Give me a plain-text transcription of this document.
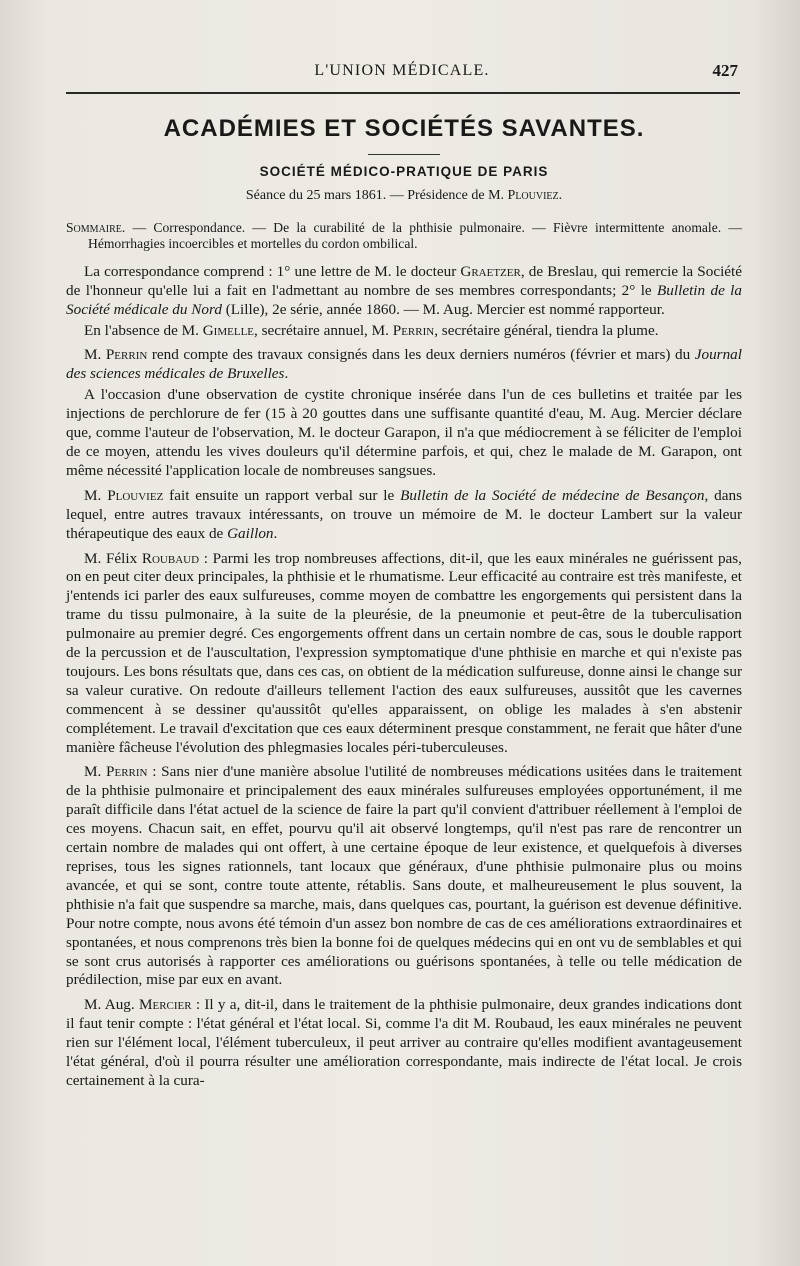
L'UNION MÉDICALE.	427
ACADÉMIES ET SOCIÉTÉS SAVANTES.
SOCIÉTÉ MÉDICO-PRATIQUE DE PARIS
Séance du 25 mars 1861. — Présidence de M. Plouviez.
Sommaire. — Correspondance. — De la curabilité de la phthisie pulmonaire. — Fièvre intermittente anomale. — Hémorrhagies incoercibles et mortelles du cordon ombilical.

La correspondance comprend : 1° une lettre de M. le docteur Graetzer, de Breslau, qui remercie la Société de l'honneur qu'elle lui a fait en l'admettant au nombre de ses membres correspondants; 2° le Bulletin de la Société médicale du Nord (Lille), 2e série, année 1860. — M. Aug. Mercier est nommé rapporteur.

En l'absence de M. Gimelle, secrétaire annuel, M. Perrin, secrétaire général, tiendra la plume.

M. Perrin rend compte des travaux consignés dans les deux derniers numéros (février et mars) du Journal des sciences médicales de Bruxelles.

A l'occasion d'une observation de cystite chronique insérée dans l'un de ces bulletins et traitée par les injections de perchlorure de fer (15 à 20 gouttes dans une suffisante quantité d'eau, M. Aug. Mercier déclare que, comme l'auteur de l'observation, M. le docteur Garapon, il n'a que médiocrement à se féliciter de l'emploi de ce moyen, attendu les vives douleurs qu'il détermine parfois, et qui, chez le malade de M. Garapon, ont même nécessité l'application locale de nombreuses sangsues.

M. Plouviez fait ensuite un rapport verbal sur le Bulletin de la Société de médecine de Besançon, dans lequel, entre autres travaux intéressants, on trouve un mémoire de M. le docteur Lambert sur la valeur thérapeutique des eaux de Gaillon.

M. Félix Roubaud : Parmi les trop nombreuses affections, dit-il, que les eaux minérales ne guérissent pas, on en peut citer deux principales, la phthisie et le rhumatisme. Leur efficacité au contraire est très manifeste, et j'entends ici parler des eaux sulfureuses, comme moyen de combattre les engorgements qui persistent dans la trame du tissu pulmonaire, à la suite de la pleurésie, de la pneumonie et peut-être de la tuberculisation pulmonaire au premier degré. Ces engorgements offrent dans un certain nombre de cas, sous le double rapport de la percussion et de l'auscultation, l'expression symptomatique d'une phthisie en marche et qui n'existe pas toujours. Les bons résultats que, dans ces cas, on obtient de la médication sulfureuse, donne ainsi le change sur sa valeur curative. On redoute d'ailleurs tellement l'action des eaux sulfureuses, aussitôt que les cavernes commencent à se dessiner qu'aussitôt qu'elles apparaissent, on oblige les malades à s'en abstenir complétement. Le travail d'excitation que ces eaux déterminent presque constamment, ne ferait que hâter d'une manière fâcheuse l'évolution des phlegmasies locales péri-tuberculeuses.

M. Perrin : Sans nier d'une manière absolue l'utilité de nombreuses médications usitées dans le traitement de la phthisie pulmonaire et principalement des eaux minérales sulfureuses employées opportunément, il me paraît difficile dans l'état actuel de la science de faire la part qu'il convient d'attribuer réellement à l'emploi de ces moyens. Chacun sait, en effet, pourvu qu'il ait observé longtemps, qu'il n'est pas rare de rencontrer un certain nombre de malades qui ont offert, à une certaine époque de leur existence, et quelquefois à diverses reprises, tous les signes rationnels, tant locaux que généraux, d'une phthisie pulmonaire plus ou moins avancée, et qui se sont, contre toute attente, rétablis. Sans doute, et malheureusement le plus souvent, la phthisie n'a fait que suspendre sa marche, mais, dans quelques cas, pourtant, la guérison est devenue définitive. Pour notre compte, nous avons été témoin d'un assez bon nombre de cas de ces améliorations extraordinaires et spontanées, et nous comprenons très bien la bonne foi de quelques médecins qui en ont vu de semblables et qui se sont crus autorisés à rapporter ces améliorations ou guérisons spontanées, à telle ou telle médication de prédilection, mise par eux en avant.

M. Aug. Mercier : Il y a, dit-il, dans le traitement de la phthisie pulmonaire, deux grandes indications dont il faut tenir compte : l'état général et l'état local. Si, comme l'a dit M. Roubaud, les eaux minérales ne peuvent rien sur l'élément local, l'élément tuberculeux, il peut arriver au contraire qu'elles modifient avantageusement l'état général, d'où il pourra résulter une amélioration correspondante, mais indirecte de l'état local. Je crois certainement à la cura-
